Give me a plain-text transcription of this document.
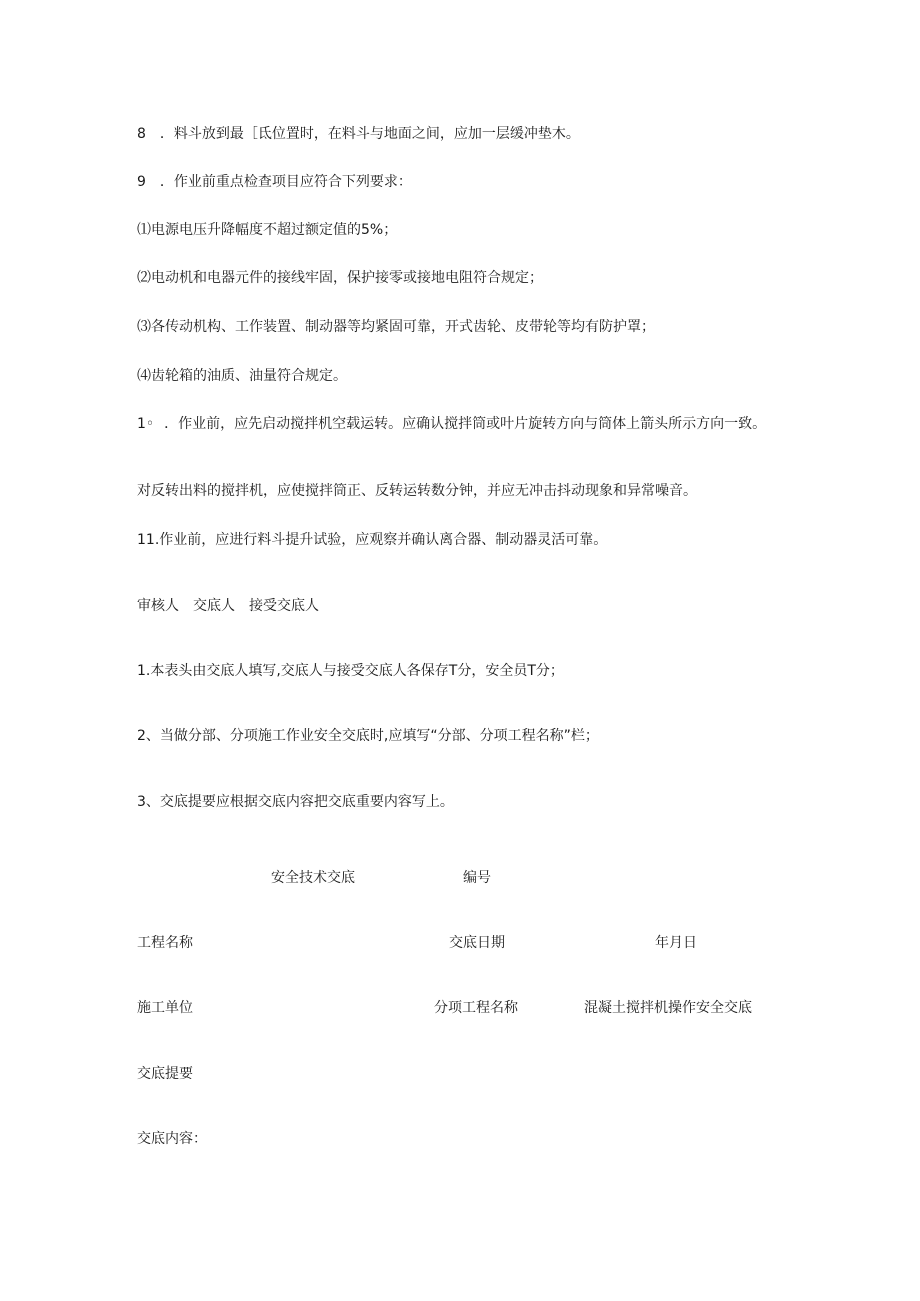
8 ．料斗放到最［氐位置时，在料斗与地面之间，应加一层缓冲垫木。
9 ．作业前重点检查项目应符合下列要求：
⑴电源电压升降幅度不超过额定值的5%；
⑵电动机和电器元件的接线牢固，保护接零或接地电阻符合规定；
⑶各传动机构、工作装置、制动器等均紧固可靠，开式齿轮、皮带轮等均有防护罩；
⑷齿轮箱的油质、油量符合规定。
1◦ ．作业前，应先启动搅拌机空载运转。应确认搅拌筒或叶片旋转方向与筒体上箭头所示方向一致。
对反转出料的搅拌机，应使搅拌筒正、反转运转数分钟，并应无冲击抖动现象和异常噪音。
11.作业前，应进行料斗提升试验，应观察并确认离合器、制动器灵活可靠。
审核人 交底人 接受交底人
1.本表头由交底人填写,交底人与接受交底人各保存T分，安全员T分；
2、当做分部、分项施工作业安全交底时,应填写“分部、分项工程名称”栏；
3、交底提要应根据交底内容把交底重要内容写上。
安全技术交底	编号
工程名称	交底日期	年月日
施工单位	分项工程名称	混凝土搅拌机操作安全交底
交底提要
交底内容：
